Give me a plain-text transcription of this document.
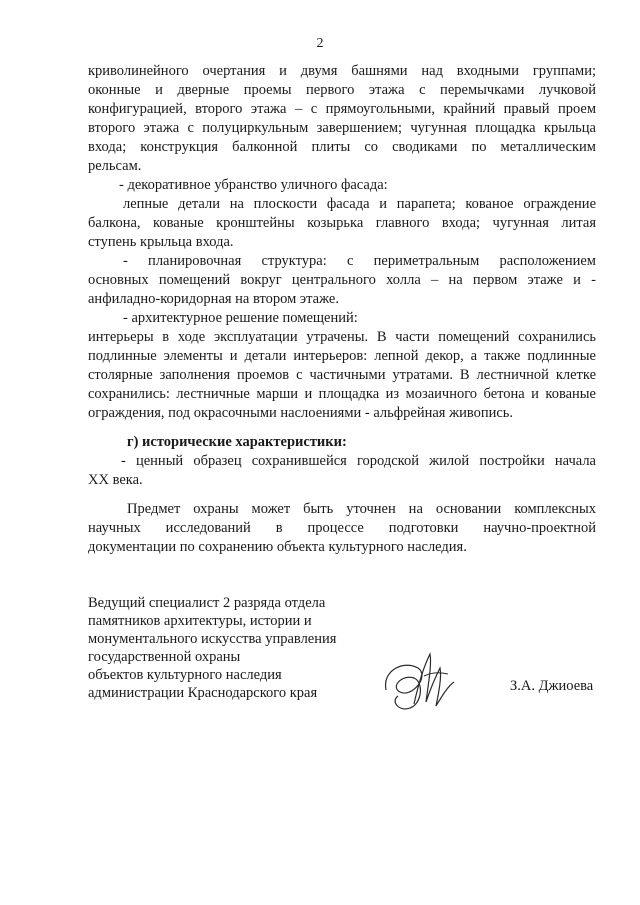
2
криволинейного очертания и двумя башнями над входными группами;
оконные и дверные проемы первого этажа с перемычками лучковой
конфигурацией, второго этажа – с прямоугольными, крайний правый проем
второго этажа с полуциркульным завершением; чугунная площадка крыльца
входа; конструкция балконной плиты со сводиками по металлическим
рельсам.
- декоративное убранство уличного фасада:
лепные детали на плоскости фасада и парапета; кованое ограждение
балкона, кованые кронштейны козырька главного входа; чугунная литая
ступень крыльца входа.
- планировочная структура: с периметральным расположением
основных помещений вокруг центрального холла – на первом этаже и -
анфиладно-коридорная на втором этаже.
- архитектурное решение помещений:
интерьеры в ходе эксплуатации утрачены. В части помещений сохранились
подлинные элементы и детали интерьеров: лепной декор, а также подлинные
столярные заполнения проемов с частичными утратами. В лестничной клетке
сохранились: лестничные марши и площадка из мозаичного бетона и кованые
ограждения, под окрасочными наслоениями - альфрейная живопись.
г) исторические характеристики:
- ценный образец сохранившейся городской жилой постройки начала
XX века.
Предмет охраны может быть уточнен на основании комплексных
научных исследований в процессе подготовки научно-проектной
документации по сохранению объекта культурного наследия.
Ведущий специалист 2 разряда отдела
памятников архитектуры, истории и
монументального искусства управления
государственной охраны
объектов культурного наследия
администрации Краснодарского края	З.А. Джиоева
